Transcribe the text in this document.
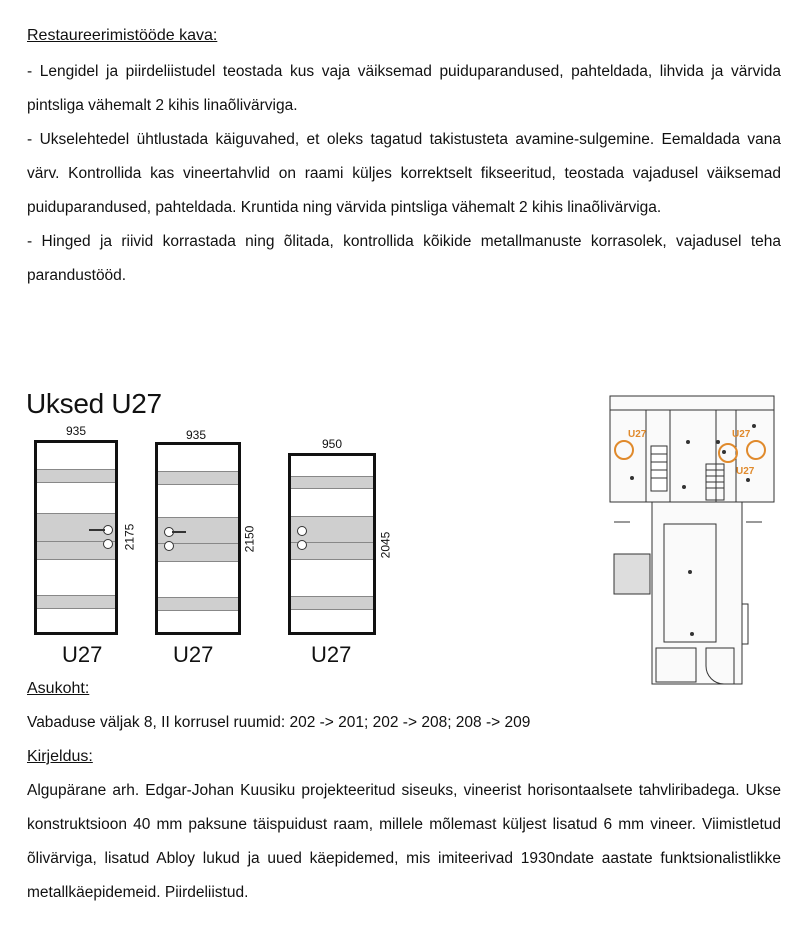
Restaureerimistööde kava:

- Lengidel ja piirdeliistudel teostada kus vaja väiksemad puiduparandused, pahteldada, lihvida ja värvida pintsliga vähemalt 2 kihis linaõlivärviga.

- Ukselehtedel ühtlustada käiguvahed, et oleks tagatud takistusteta avamine-sulgemine. Eemaldada vana värv. Kontrollida kas vineertahvlid on raami küljes korrektselt fikseeritud, teostada vajadusel väiksemad puiduparandused, pahteldada. Kruntida ning värvida pintsliga vähemalt 2 kihis linaõlivärviga.

- Hinged ja riivid korrastada ning õlitada, kontrollida kõikide metallmanuste korrasolek, vajadusel teha parandustööd.

Uksed U27
935
2175
U27
935
2150
U27
950
2045
U27
U27	U27
U27
Asukoht:

Vabaduse väljak 8, II korrusel ruumid: 202 -> 201; 202 -> 208; 208 -> 209

Kirjeldus:

Algupärane arh. Edgar-Johan Kuusiku projekteeritud siseuks, vineerist horisontaalsete tahvliribadega. Ukse konstruktsioon 40 mm paksune täispuidust raam, millele mõlemast küljest lisatud 6 mm vineer. Viimistletud õlivärviga, lisatud Abloy lukud ja uued käepidemed, mis imiteerivad 1930ndate aastate funktsionalistlikke metallkäepidemeid. Piirdeliistud.
